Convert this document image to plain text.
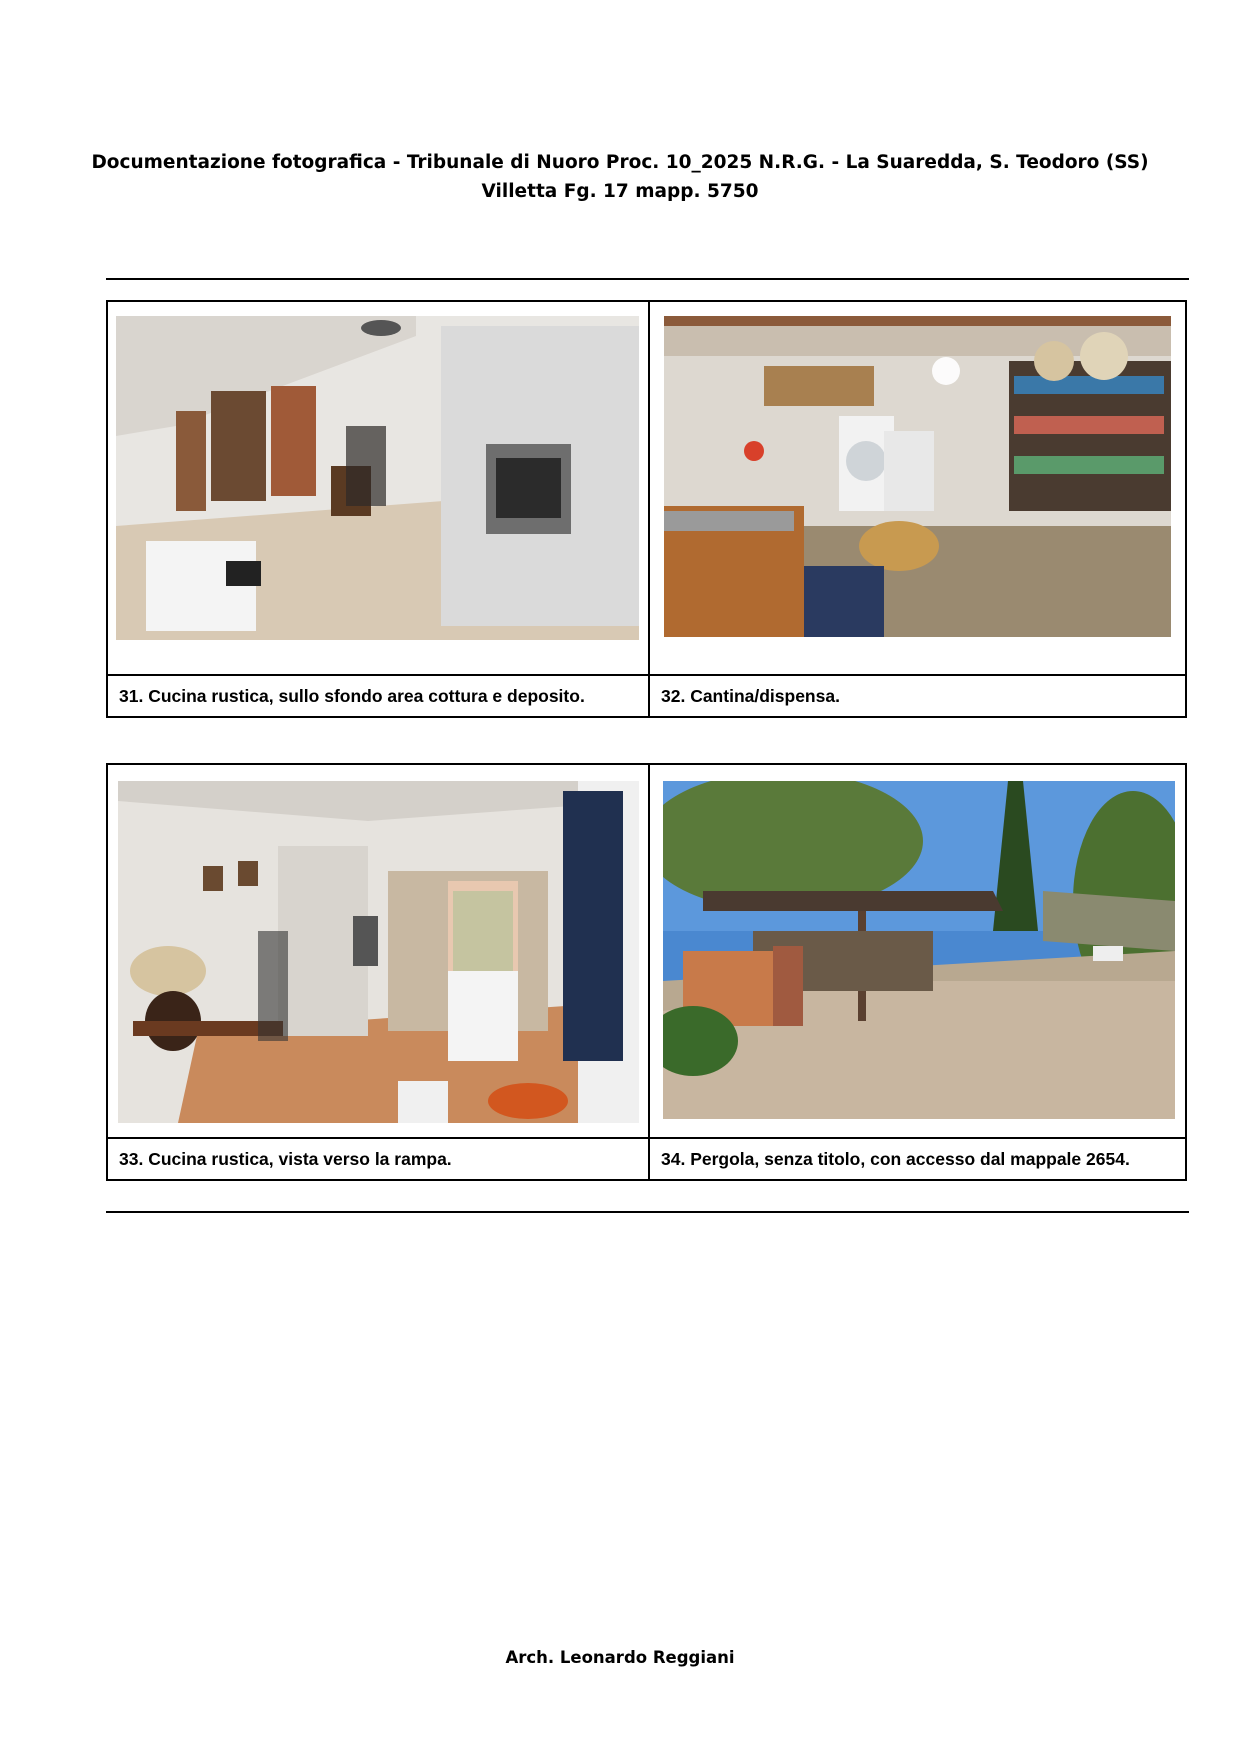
Documentazione fotografica - Tribunale di Nuoro Proc. 10_2025 N.R.G. - La Suaredda, S. Teodoro (SS)
Villetta Fg. 17 mapp. 5750

31. Cucina rustica, sullo sfondo area cottura e deposito.	32. Cantina/dispensa.

33. Cucina rustica, vista verso la rampa.	34. Pergola, senza titolo, con accesso dal mappale 2654.
Arch. Leonardo Reggiani
